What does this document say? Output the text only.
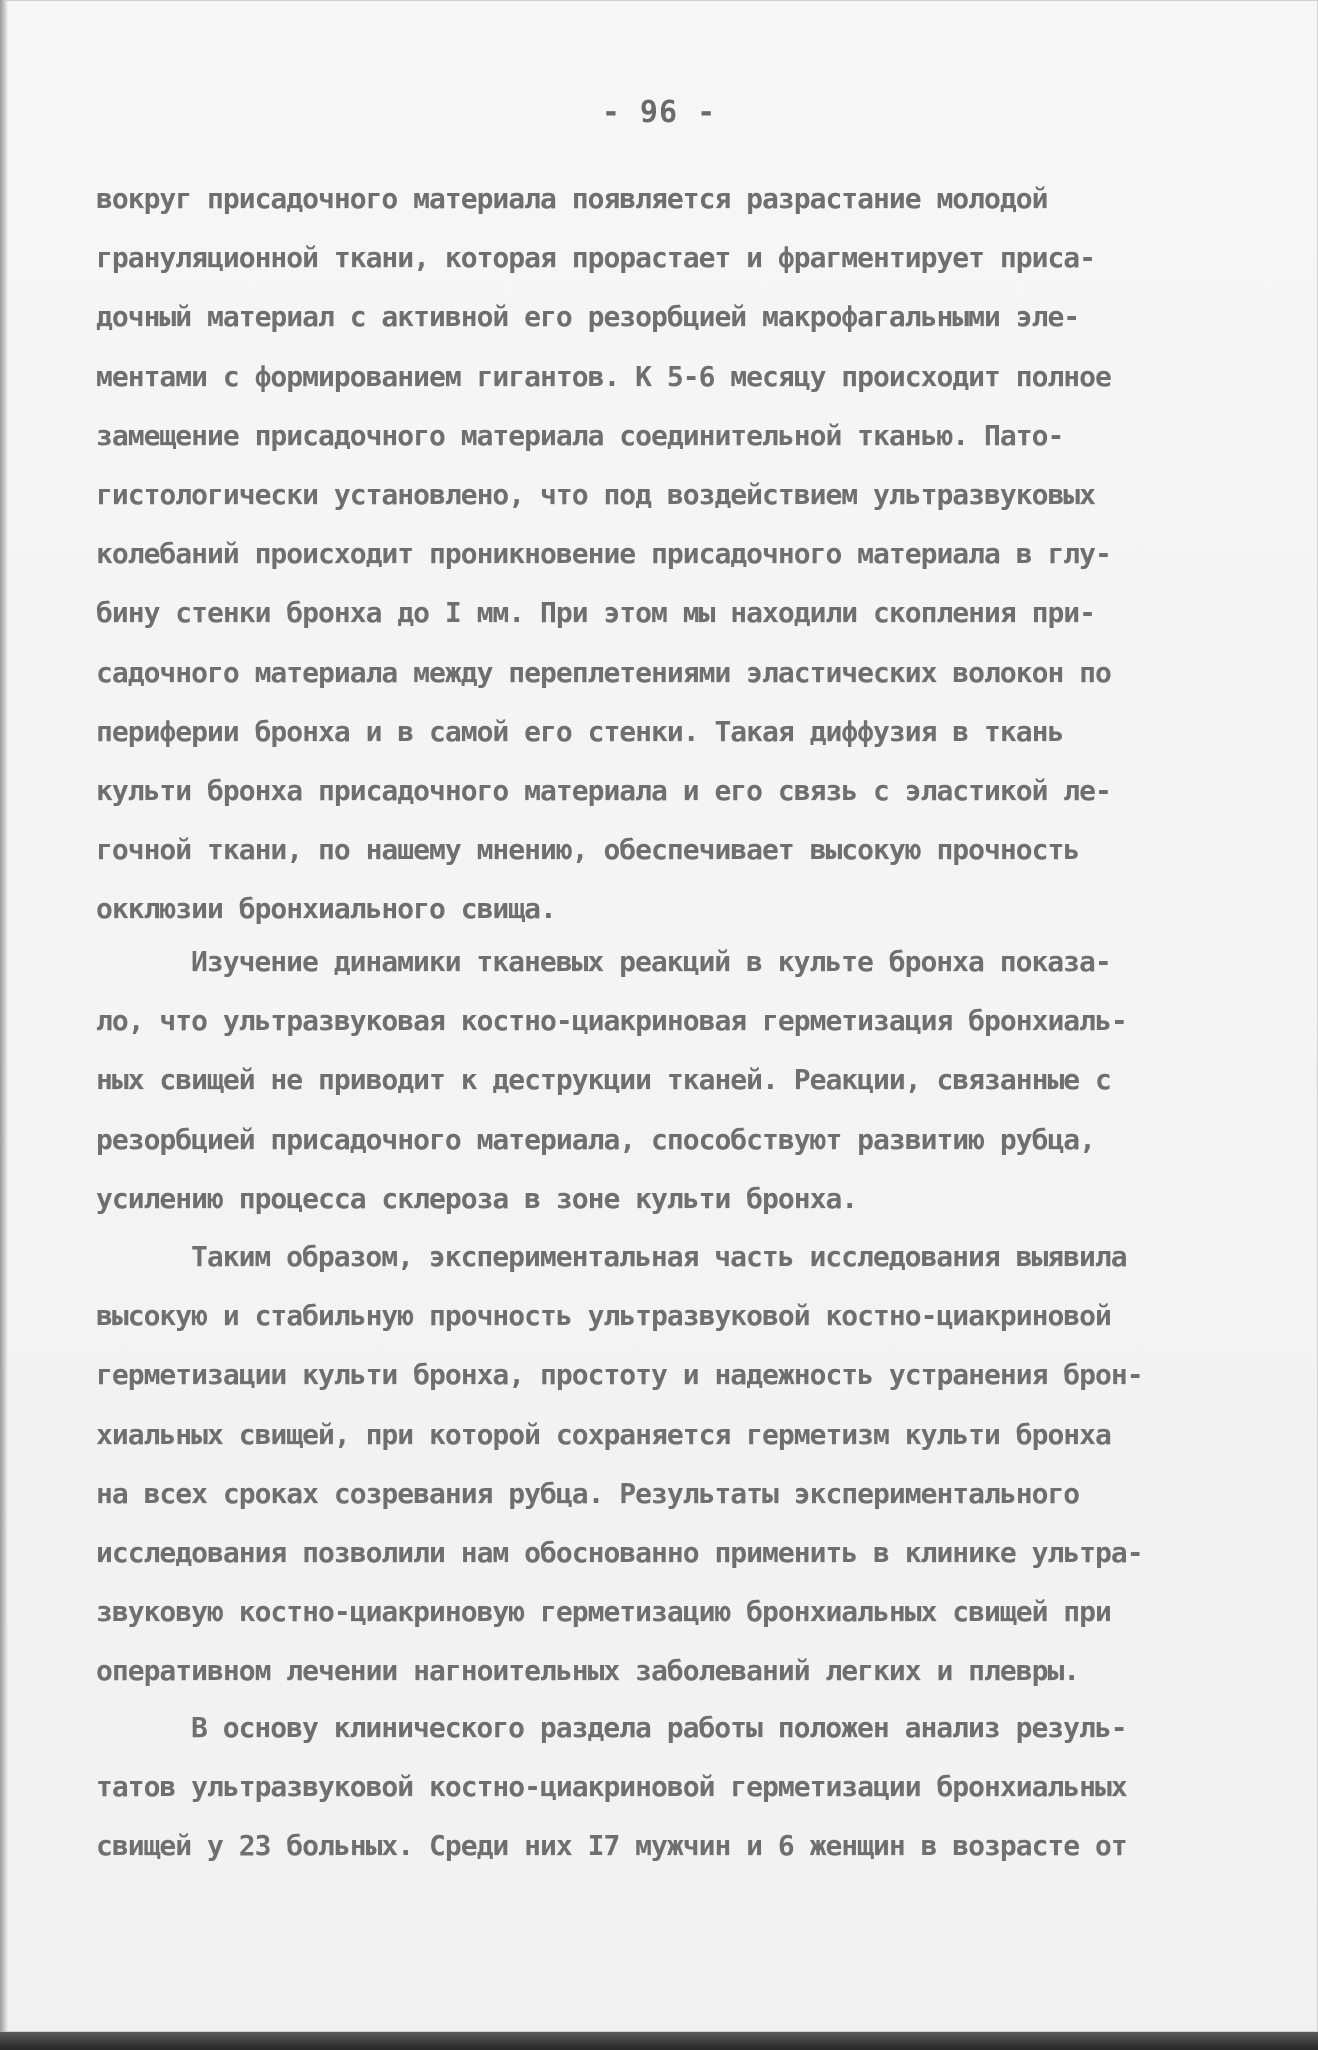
- 96 -
вокруг присадочного материала появляется разрастание молодой
грануляционной ткани, которая прорастает и фрагментирует приса-
дочный материал с активной его резорбцией макрофагальными эле-
ментами с формированием гигантов. К 5-6 месяцу происходит полное
замещение присадочного материала соединительной тканью. Пато-
гистологически установлено, что под воздействием ультразвуковых
колебаний происходит проникновение присадочного материала в глу-
бину стенки бронха до I мм. При этом мы находили скопления при-
садочного материала между переплетениями эластических волокон по
периферии бронха и в самой его стенки. Такая диффузия в ткань
культи бронха присадочного материала и его связь с эластикой ле-
гочной ткани, по нашему мнению, обеспечивает высокую прочность
окклюзии бронхиального свища.
Изучение динамики тканевых реакций в культе бронха показа-
ло, что ультразвуковая костно-циакриновая герметизация бронхиаль-
ных свищей не приводит к деструкции тканей. Реакции, связанные с
резорбцией присадочного материала, способствуют развитию рубца,
усилению процесса склероза в зоне культи бронха.
Таким образом, экспериментальная часть исследования выявила
высокую и стабильную прочность ультразвуковой костно-циакриновой
герметизации культи бронха, простоту и надежность устранения брон-
хиальных свищей, при которой сохраняется герметизм культи бронха
на всех сроках созревания рубца. Результаты экспериментального
исследования позволили нам обоснованно применить в клинике ультра-
звуковую костно-циакриновую герметизацию бронхиальных свищей при
оперативном лечении нагноительных заболеваний легких и плевры.
В основу клинического раздела работы положен анализ резуль-
татов ультразвуковой костно-циакриновой герметизации бронхиальных
свищей у 23 больных. Среди них I7 мужчин и 6 женщин в возрасте от
